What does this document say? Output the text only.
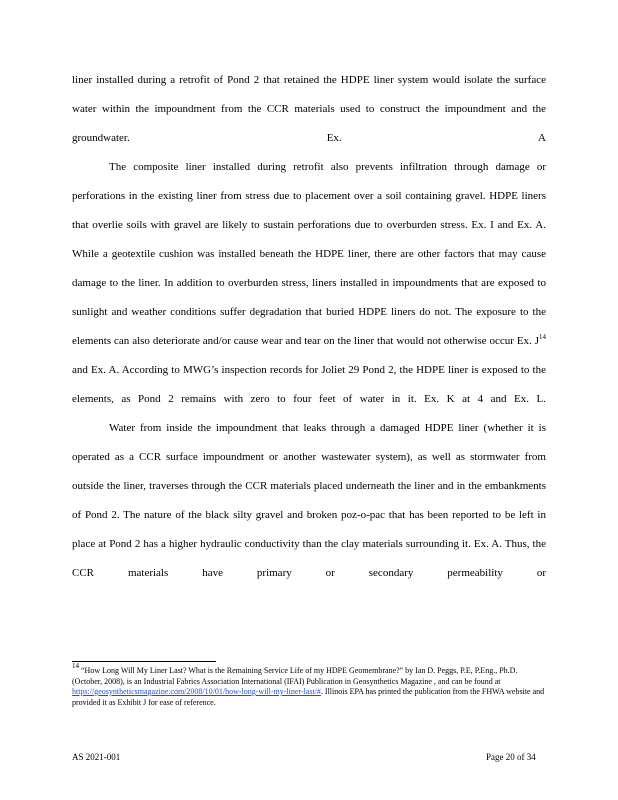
liner installed during a retrofit of Pond 2 that retained the HDPE liner system would isolate the surface water within the impoundment from the CCR materials used to construct the impoundment and the groundwater. Ex. A

The composite liner installed during retrofit also prevents infiltration through damage or perforations in the existing liner from stress due to placement over a soil containing gravel. HDPE liners that overlie soils with gravel are likely to sustain perforations due to overburden stress. Ex. I and Ex. A. While a geotextile cushion was installed beneath the HDPE liner, there are other factors that may cause damage to the liner. In addition to overburden stress, liners installed in impoundments that are exposed to sunlight and weather conditions suffer degradation that buried HDPE liners do not. The exposure to the elements can also deteriorate and/or cause wear and tear on the liner that would not otherwise occur Ex. $J^{14}$ and Ex. A. According to MWG’s inspection records for Joliet 29 Pond 2, the HDPE liner is exposed to the elements, as Pond 2 remains with zero to four feet of water in it. Ex. K at 4 and Ex. L.

Water from inside the impoundment that leaks through a damaged HDPE liner (whether it is operated as a CCR surface impoundment or another wastewater system), as well as stormwater from outside the liner, traverses through the CCR materials placed underneath the liner and in the embankments of Pond 2. The nature of the black silty gravel and broken poz-o-pac that has been reported to be left in place at Pond 2 has a higher hydraulic conductivity than the clay materials surrounding it. Ex. A. Thus, the CCR materials have primary or secondary permeability or

$^{14}$ “How Long Will My Liner Last? What is the Remaining Service Life of my HDPE Geomembrane?” by Ian D. Peggs, P.E, P.Eng., Ph.D. (October, 2008), is an Industrial Fabrics Association International (IFAI) Publication in Geosynthetics Magazine , and can be found at https://geosyntheticsmagazine.com/2008/10/01/how-long-will-my-liner-last/#. Illinois EPA has printed the publication from the FHWA website and provided it as Exhibit J for ease of reference.

AS 2021-001	Page 20 of 34
